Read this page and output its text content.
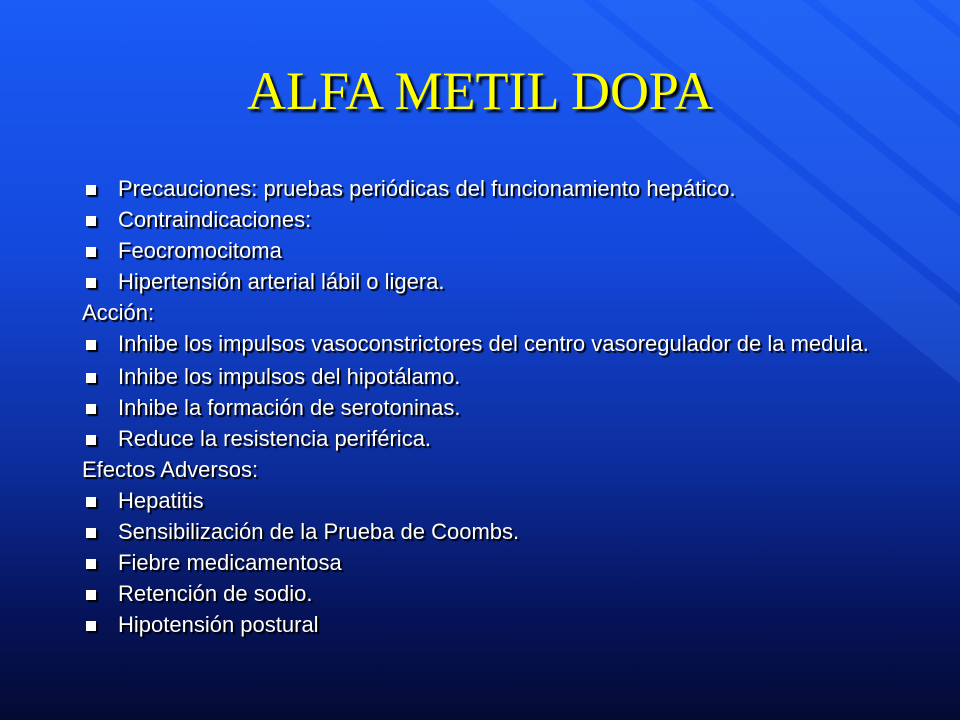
ALFA METIL DOPA
Precauciones: pruebas periódicas del funcionamiento hepático.
Contraindicaciones:
Feocromocitoma
Hipertensión arterial lábil o ligera.
Acción:
Inhibe los impulsos vasoconstrictores del centro vasoregulador de la medula.
Inhibe los impulsos del hipotálamo.
Inhibe la formación de serotoninas.
Reduce la resistencia periférica.
Efectos Adversos:
Hepatitis
Sensibilización de la Prueba de Coombs.
Fiebre medicamentosa
Retención de sodio.
Hipotensión postural
